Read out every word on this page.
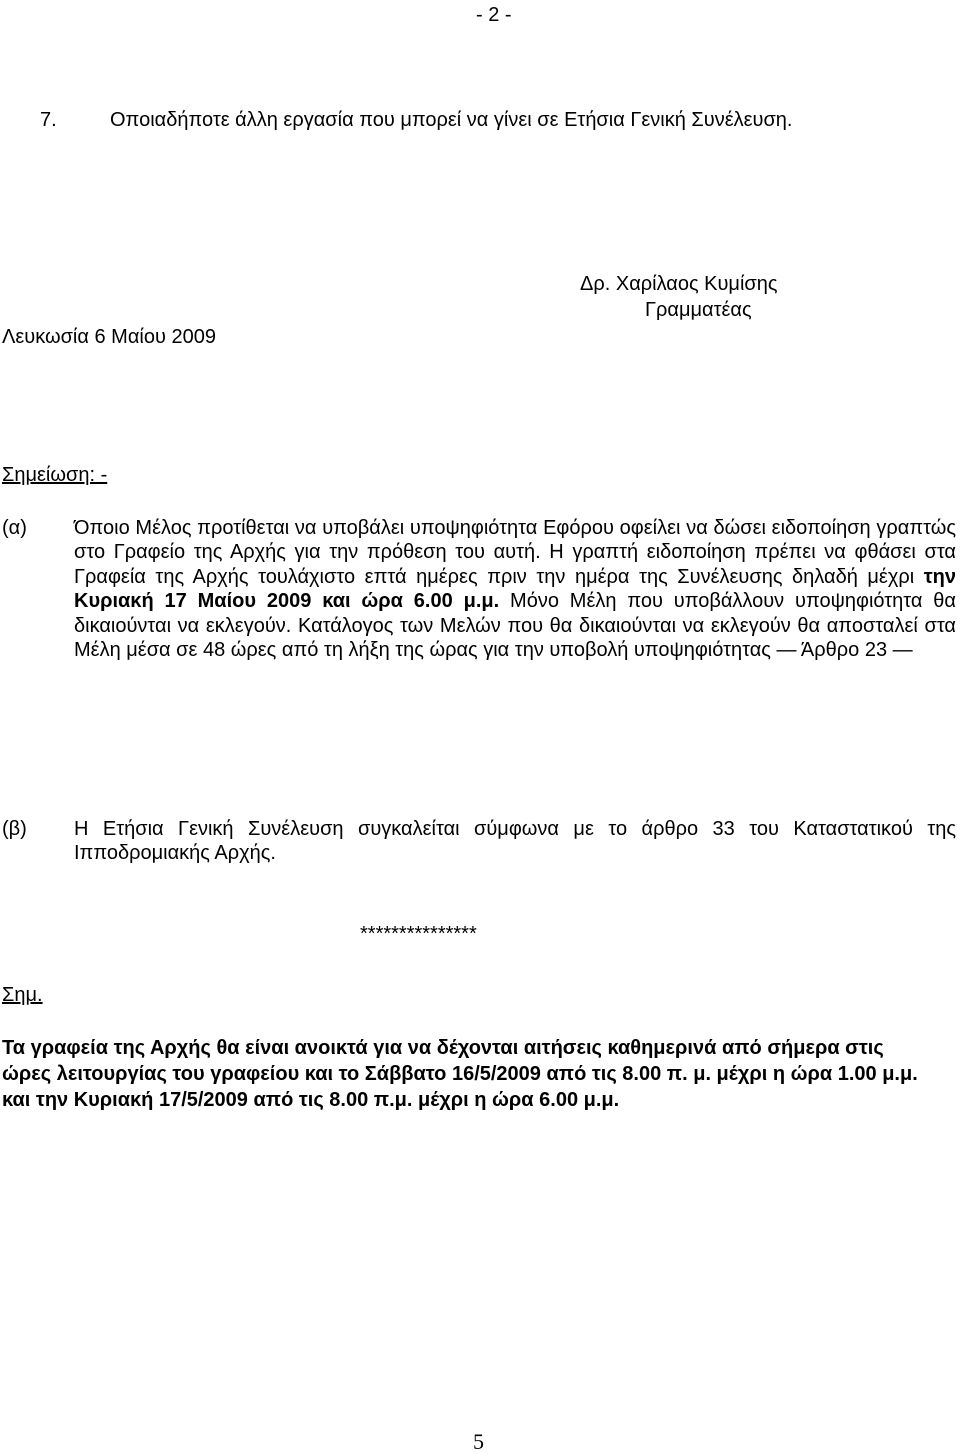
- 2 -
7.	Οποιαδήποτε άλλη εργασία που μπορεί να γίνει σε Ετήσια Γενική Συνέλευση.
Δρ. Χαρίλαος Κυμίσης
Γραμματέας
Λευκωσία 6 Μαίου 2009
Σημείωση: -
(α) Όποιο Μέλος προτίθεται να υποβάλει υποψηφιότητα Εφόρου οφείλει να δώσει ειδοποίηση γραπτώς στο Γραφείο της Αρχής για την πρόθεση του αυτή. Η γραπτή ειδοποίηση πρέπει να φθάσει στα Γραφεία της Αρχής τουλάχιστο επτά ημέρες πριν την ημέρα της Συνέλευσης δηλαδή μέχρι την Κυριακή 17 Μαίου 2009 και ώρα 6.00 μ.μ. Μόνο Μέλη που υποβάλλουν υποψηφιότητα θα δικαιούνται να εκλεγούν. Κατάλογος των Μελών που θα δικαιούνται να εκλεγούν θα αποσταλεί στα Μέλη μέσα σε 48 ώρες από τη λήξη της ώρας για την υποβολή υποψηφιότητας ― Άρθρο 23 ―
(β) Η Ετήσια Γενική Συνέλευση συγκαλείται σύμφωνα με το άρθρο 33 του Καταστατικού της Ιπποδρομιακής Αρχής.
***************
Σημ.
Τα γραφεία της Αρχής θα είναι ανοικτά για να δέχονται αιτήσεις καθημερινά από σήμερα στις ώρες λειτουργίας του γραφείου και το Σάββατο 16/5/2009 από τις 8.00 π. μ. μέχρι η ώρα 1.00 μ.μ. και την Κυριακή 17/5/2009 από τις 8.00 π.μ. μέχρι η ώρα 6.00 μ.μ.
5
